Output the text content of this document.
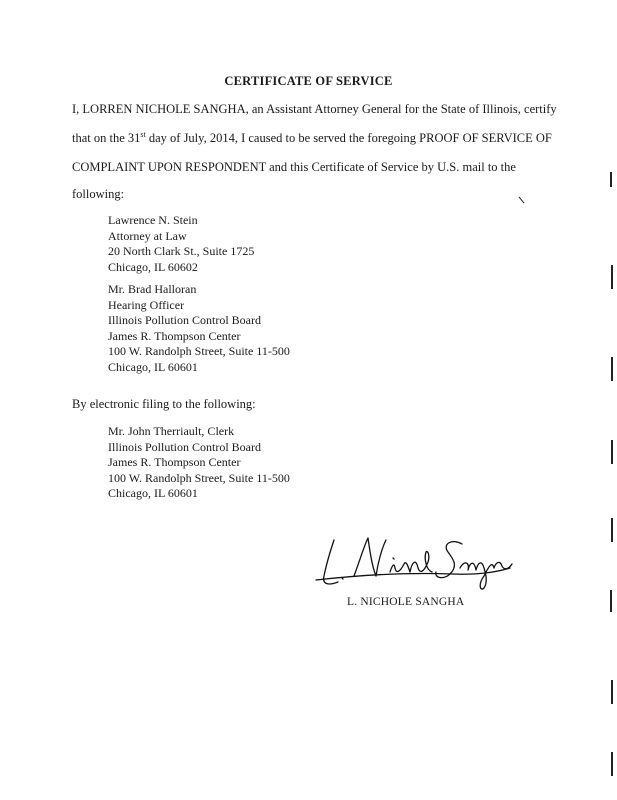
CERTIFICATE OF SERVICE
I, LORREN NICHOLE SANGHA, an Assistant Attorney General for the State of Illinois, certify
that on the 31st day of July, 2014, I caused to be served the foregoing PROOF OF SERVICE OF
COMPLAINT UPON RESPONDENT and this Certificate of Service by U.S. mail to the
following:
Lawrence N. Stein
Attorney at Law
20 North Clark St., Suite 1725
Chicago, IL 60602
Mr. Brad Halloran
Hearing Officer
Illinois Pollution Control Board
James R. Thompson Center
100 W. Randolph Street, Suite 11-500
Chicago, IL 60601
By electronic filing to the following:
Mr. John Therriault, Clerk
Illinois Pollution Control Board
James R. Thompson Center
100 W. Randolph Street, Suite 11-500
Chicago, IL 60601
L. NICHOLE SANGHA
